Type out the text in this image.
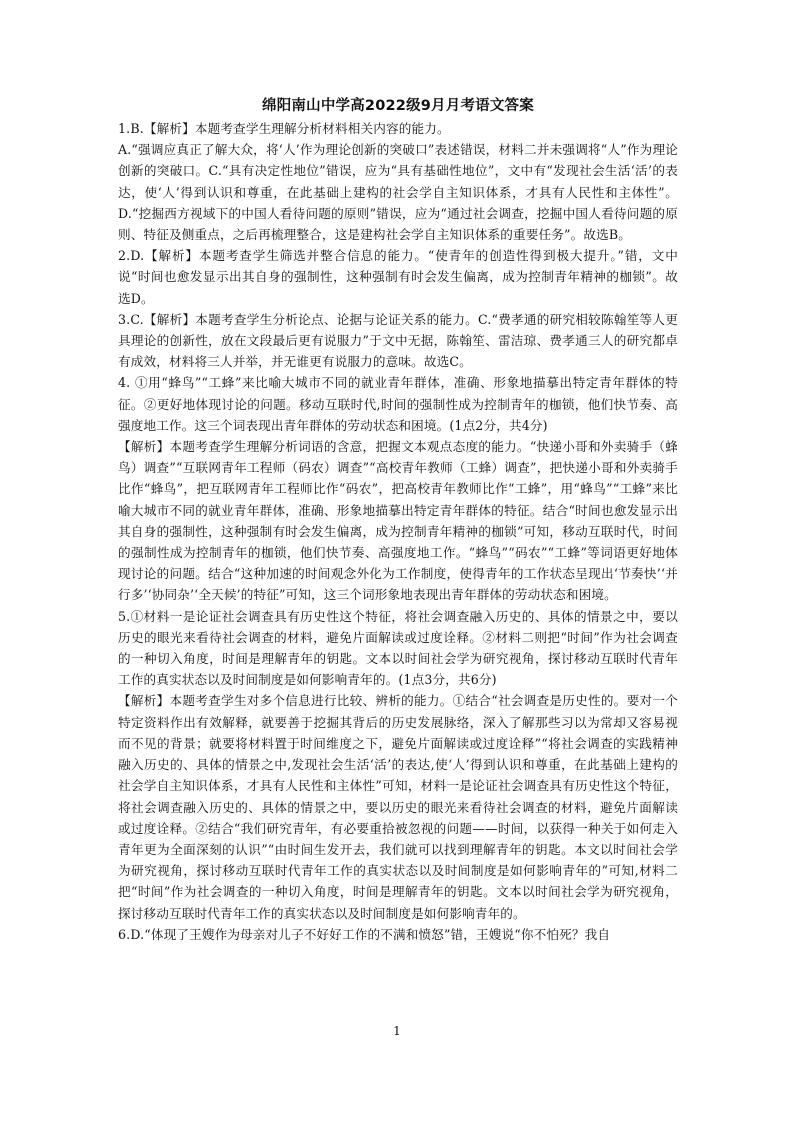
绵阳南山中学高2022级9月月考语文答案

1.B.【解析】本题考查学生理解分析材料相关内容的能力。

A.“强调应真正了解大众，将‘人’作为理论创新的突破口”表述错误，材料二并未强调将“人”作为理论创新的突破口。C.“具有决定性地位”错误，应为“具有基础性地位”，文中有“发现社会生活‘活’的表达，使‘人’得到认识和尊重，在此基础上建构的社会学自主知识体系，才具有人民性和主体性”。D.“挖掘西方视域下的中国人看待问题的原则”错误，应为“通过社会调查，挖掘中国人看待问题的原则、特征及侧重点，之后再梳理整合，这是建构社会学自主知识体系的重要任务”。故选B。

2.D.【解析】本题考查学生筛选并整合信息的能力。“使青年的创造性得到极大提升。”错，文中说“时间也愈发显示出其自身的强制性，这种强制有时会发生偏离，成为控制青年精神的枷锁”。故选D。

3.C.【解析】本题考查学生分析论点、论据与论证关系的能力。C.“费孝通的研究相较陈翰笙等人更具理论的创新性，放在文段最后更有说服力”于文中无据，陈翰笙、雷洁琼、费孝通三人的研究都卓有成效，材料将三人并举，并无谁更有说服力的意味。故选C。

4. ①用“蜂鸟”“工蜂”来比喻大城市不同的就业青年群体，准确、形象地描摹出特定青年群体的特征。②更好地体现讨论的问题。移动互联时代,时间的强制性成为控制青年的枷锁，他们快节奏、高强度地工作。这三个词表现出青年群体的劳动状态和困境。(1点2分，共4分)

【解析】本题考查学生理解分析词语的含意，把握文本观点态度的能力。“快递小哥和外卖骑手（蜂鸟）调查”“互联网青年工程师（码农）调查”“高校青年教师（工蜂）调查”，把快递小哥和外卖骑手比作“蜂鸟”，把互联网青年工程师比作“码农”，把高校青年教师比作“工蜂”，用“蜂鸟”“工蜂”来比喻大城市不同的就业青年群体，准确、形象地描摹出特定青年群体的特征。结合“时间也愈发显示出其自身的强制性，这种强制有时会发生偏离，成为控制青年精神的枷锁”可知，移动互联时代，时间的强制性成为控制青年的枷锁，他们快节奏、高强度地工作。“蜂鸟”“码农”“工蜂”等词语更好地体现讨论的问题。结合“这种加速的时间观念外化为工作制度，使得青年的工作状态呈现出‘节奏快’‘并行多’‘协同杂’‘全天候’的特征”可知，这三个词形象地表现出青年群体的劳动状态和困境。

5.①材料一是论证社会调查具有历史性这个特征，将社会调查融入历史的、具体的情景之中，要以历史的眼光来看待社会调查的材料，避免片面解读或过度诠释。②材料二则把“时间”作为社会调查的一种切入角度，时间是理解青年的钥匙。文本以时间社会学为研究视角，探讨移动互联时代青年工作的真实状态以及时间制度是如何影响青年的。(1点3分，共6分)

【解析】本题考查学生对多个信息进行比较、辨析的能力。①结合“社会调查是历史性的。要对一个特定资料作出有效解释，就要善于挖掘其背后的历史发展脉络，深入了解那些习以为常却又容易视而不见的背景；就要将材料置于时间维度之下，避免片面解读或过度诠释”“将社会调查的实践精神融入历史的、具体的情景之中,发现社会生活‘活’的表达,使‘人’得到认识和尊重，在此基础上建构的社会学自主知识体系，才具有人民性和主体性”可知，材料一是论证社会调查具有历史性这个特征，将社会调查融入历史的、具体的情景之中，要以历史的眼光来看待社会调查的材料，避免片面解读或过度诠释。②结合“我们研究青年，有必要重拾被忽视的问题——时间，以获得一种关于如何走入青年更为全面深刻的认识”“由时间生发开去，我们就可以找到理解青年的钥匙。本文以时间社会学为研究视角，探讨移动互联时代青年工作的真实状态以及时间制度是如何影响青年的”可知,材料二把“时间”作为社会调查的一种切入角度，时间是理解青年的钥匙。文本以时间社会学为研究视角，探讨移动互联时代青年工作的真实状态以及时间制度是如何影响青年的。

6.D.“体现了王嫂作为母亲对儿子不好好工作的不满和愤怒”错，王嫂说“你不怕死？我自

1
